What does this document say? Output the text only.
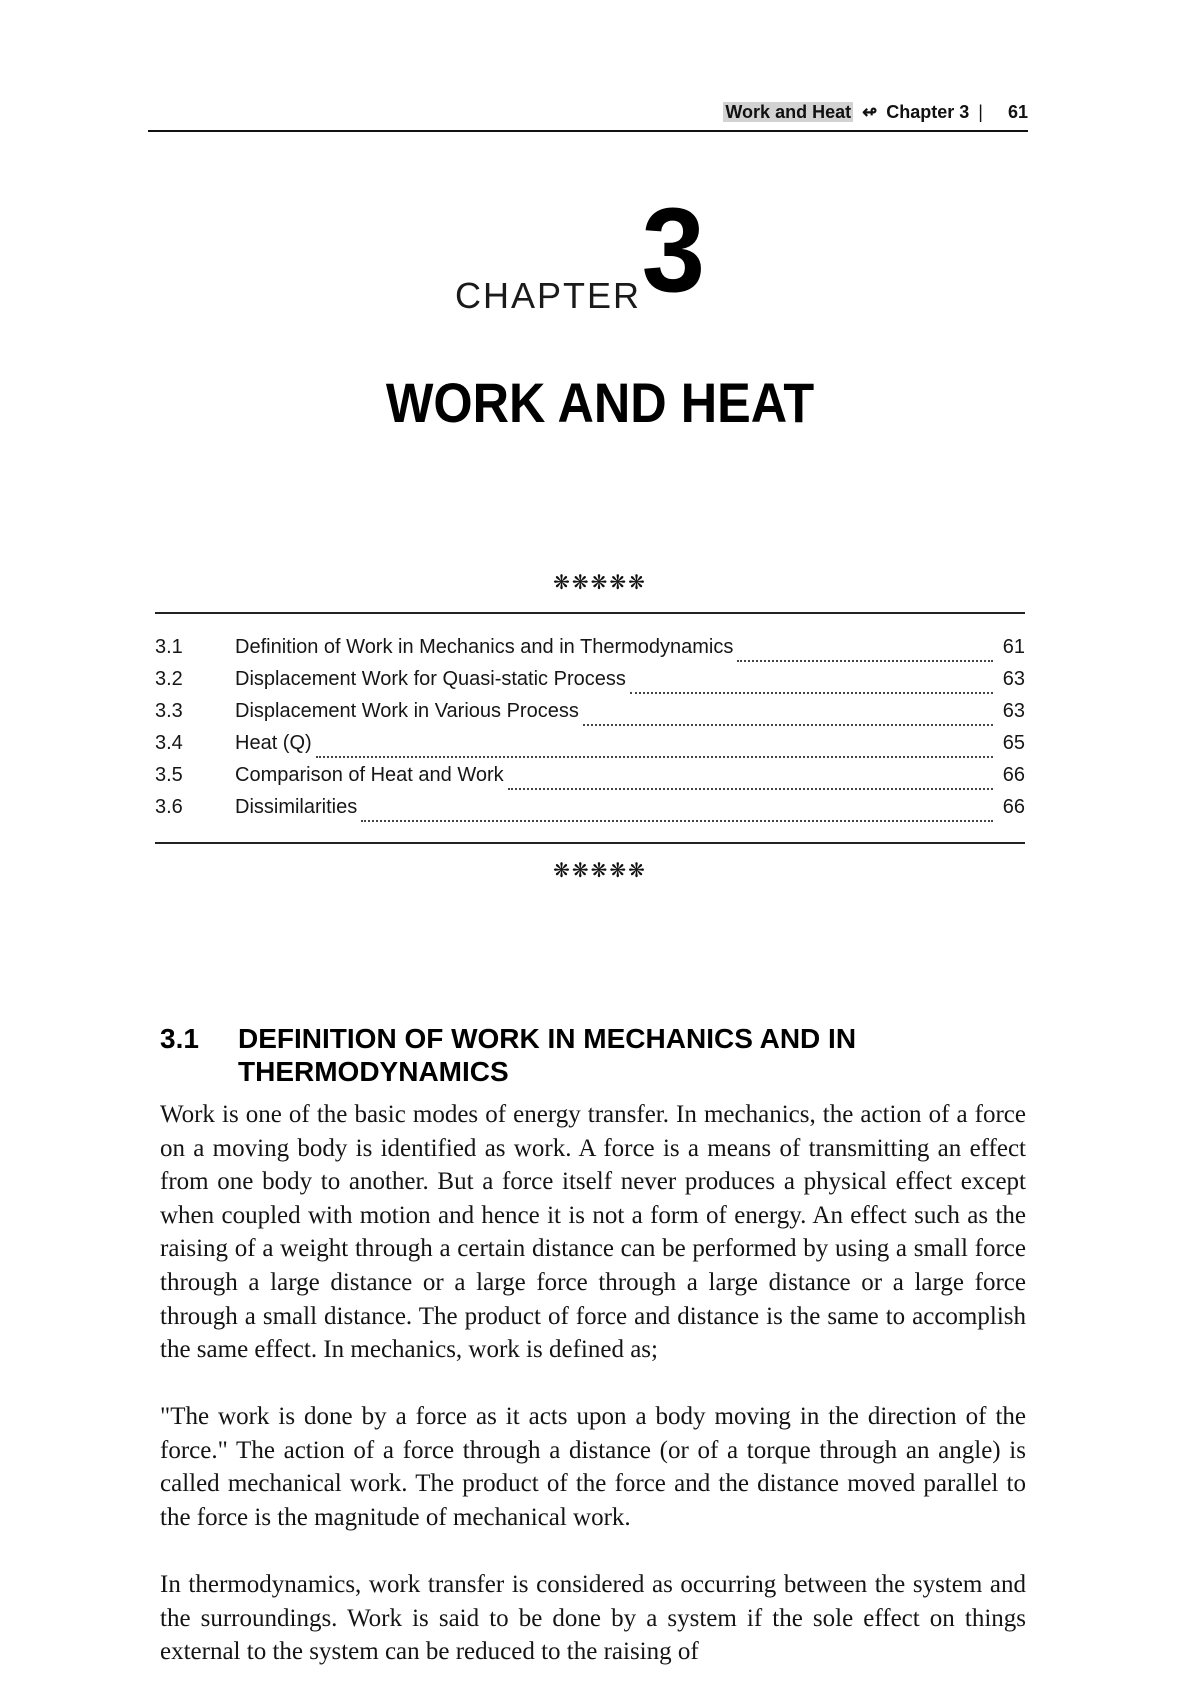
Work and Heat ↫ Chapter 3 | 61
CHAPTER 3
WORK AND HEAT
❋❋❋❋❋
3.1	Definition of Work in Mechanics and in Thermodynamics	61
3.2	Displacement Work for Quasi-static Process	63
3.3	Displacement Work in Various Process	63
3.4	Heat (Q)	65
3.5	Comparison of Heat and Work	66
3.6	Dissimilarities	66
❋❋❋❋❋
3.1 DEFINITION OF WORK IN MECHANICS AND IN THERMODYNAMICS

Work is one of the basic modes of energy transfer. In mechanics, the action of a force on a moving body is identified as work. A force is a means of transmitting an effect from one body to another. But a force itself never produces a physical effect except when coupled with motion and hence it is not a form of energy. An effect such as the raising of a weight through a certain distance can be performed by using a small force through a large distance or a large force through a large distance or a large force through a small distance. The product of force and distance is the same to accomplish the same effect. In mechanics, work is defined as;

"The work is done by a force as it acts upon a body moving in the direction of the force." The action of a force through a distance (or of a torque through an angle) is called mechanical work. The product of the force and the distance moved parallel to the force is the magnitude of mechanical work.

In thermodynamics, work transfer is considered as occurring between the system and the surroundings. Work is said to be done by a system if the sole effect on things external to the system can be reduced to the raising of
